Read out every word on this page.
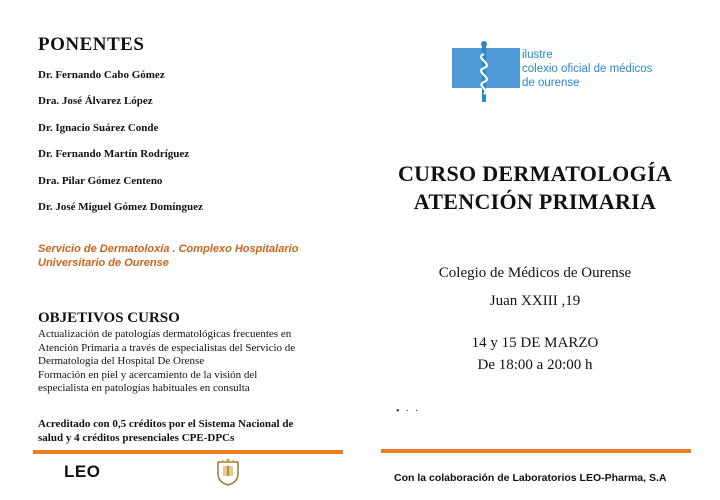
PONENTES
Dr. Fernando Cabo Gómez
Dra. José Álvarez López
Dr. Ignacio Suárez Conde
Dr. Fernando Martín Rodríguez
Dra. Pilar Gómez Centeno
Dr. José Miguel Gómez Domínguez
Servicio de Dermatoloxía . Complexo Hospitalario
Universitario de Ourense
OBJETIVOS CURSO
Actualización de patologías dermatológicas frecuentes en
Atención Primaria a través de especialistas del Servicio de
Dermatología del Hospital De Orense
Formación en piel y acercamiento de la visión del
especialista en patologías habituales en consulta
Acreditado con 0,5 créditos por el Sistema Nacional de
salud y 4 créditos presenciales CPE-DPCs
LEO
ilustre
colexio oficial de médicos
de ourense
CURSO DERMATOLOGÍA
ATENCIÓN PRIMARIA
Colegio de Médicos de Ourense
Juan XXIII ,19
14 y 15 DE MARZO
De 18:00 a 20:00 h
•··
Con la colaboración de Laboratorios LEO-Pharma, S.A
